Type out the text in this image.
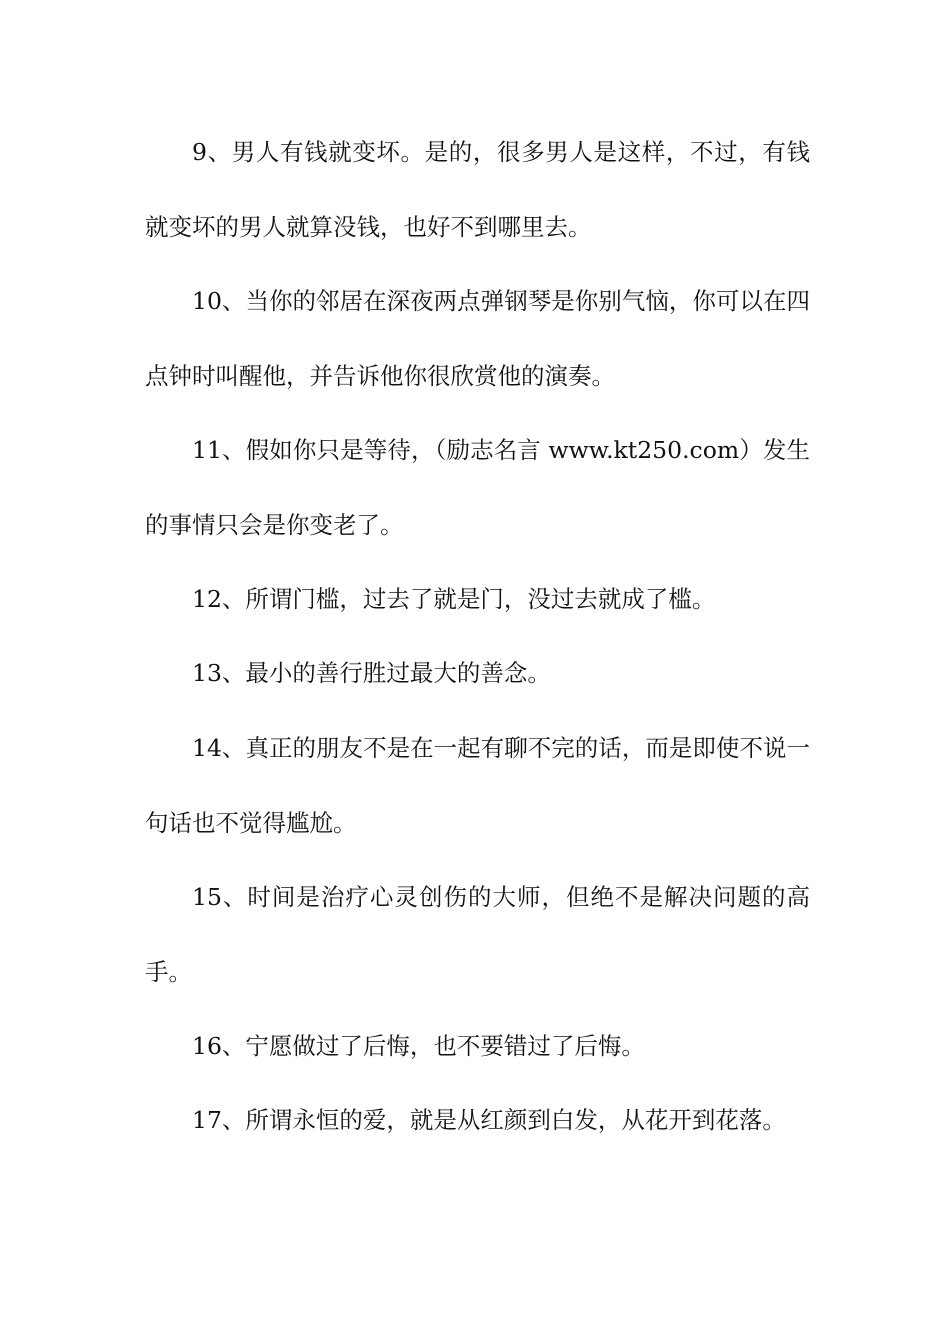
9、男人有钱就变坏。是的，很多男人是这样，不过，有钱就变坏的男人就算没钱，也好不到哪里去。

10、当你的邻居在深夜两点弹钢琴是你别气恼，你可以在四点钟时叫醒他，并告诉他你很欣赏他的演奏。

11、假如你只是等待，（励志名言 www.kt250.com）发生的事情只会是你变老了。

12、所谓门槛，过去了就是门，没过去就成了槛。

13、最小的善行胜过最大的善念。

14、真正的朋友不是在一起有聊不完的话，而是即使不说一句话也不觉得尴尬。

15、时间是治疗心灵创伤的大师，但绝不是解决问题的高手。

16、宁愿做过了后悔，也不要错过了后悔。

17、所谓永恒的爱，就是从红颜到白发，从花开到花落。
